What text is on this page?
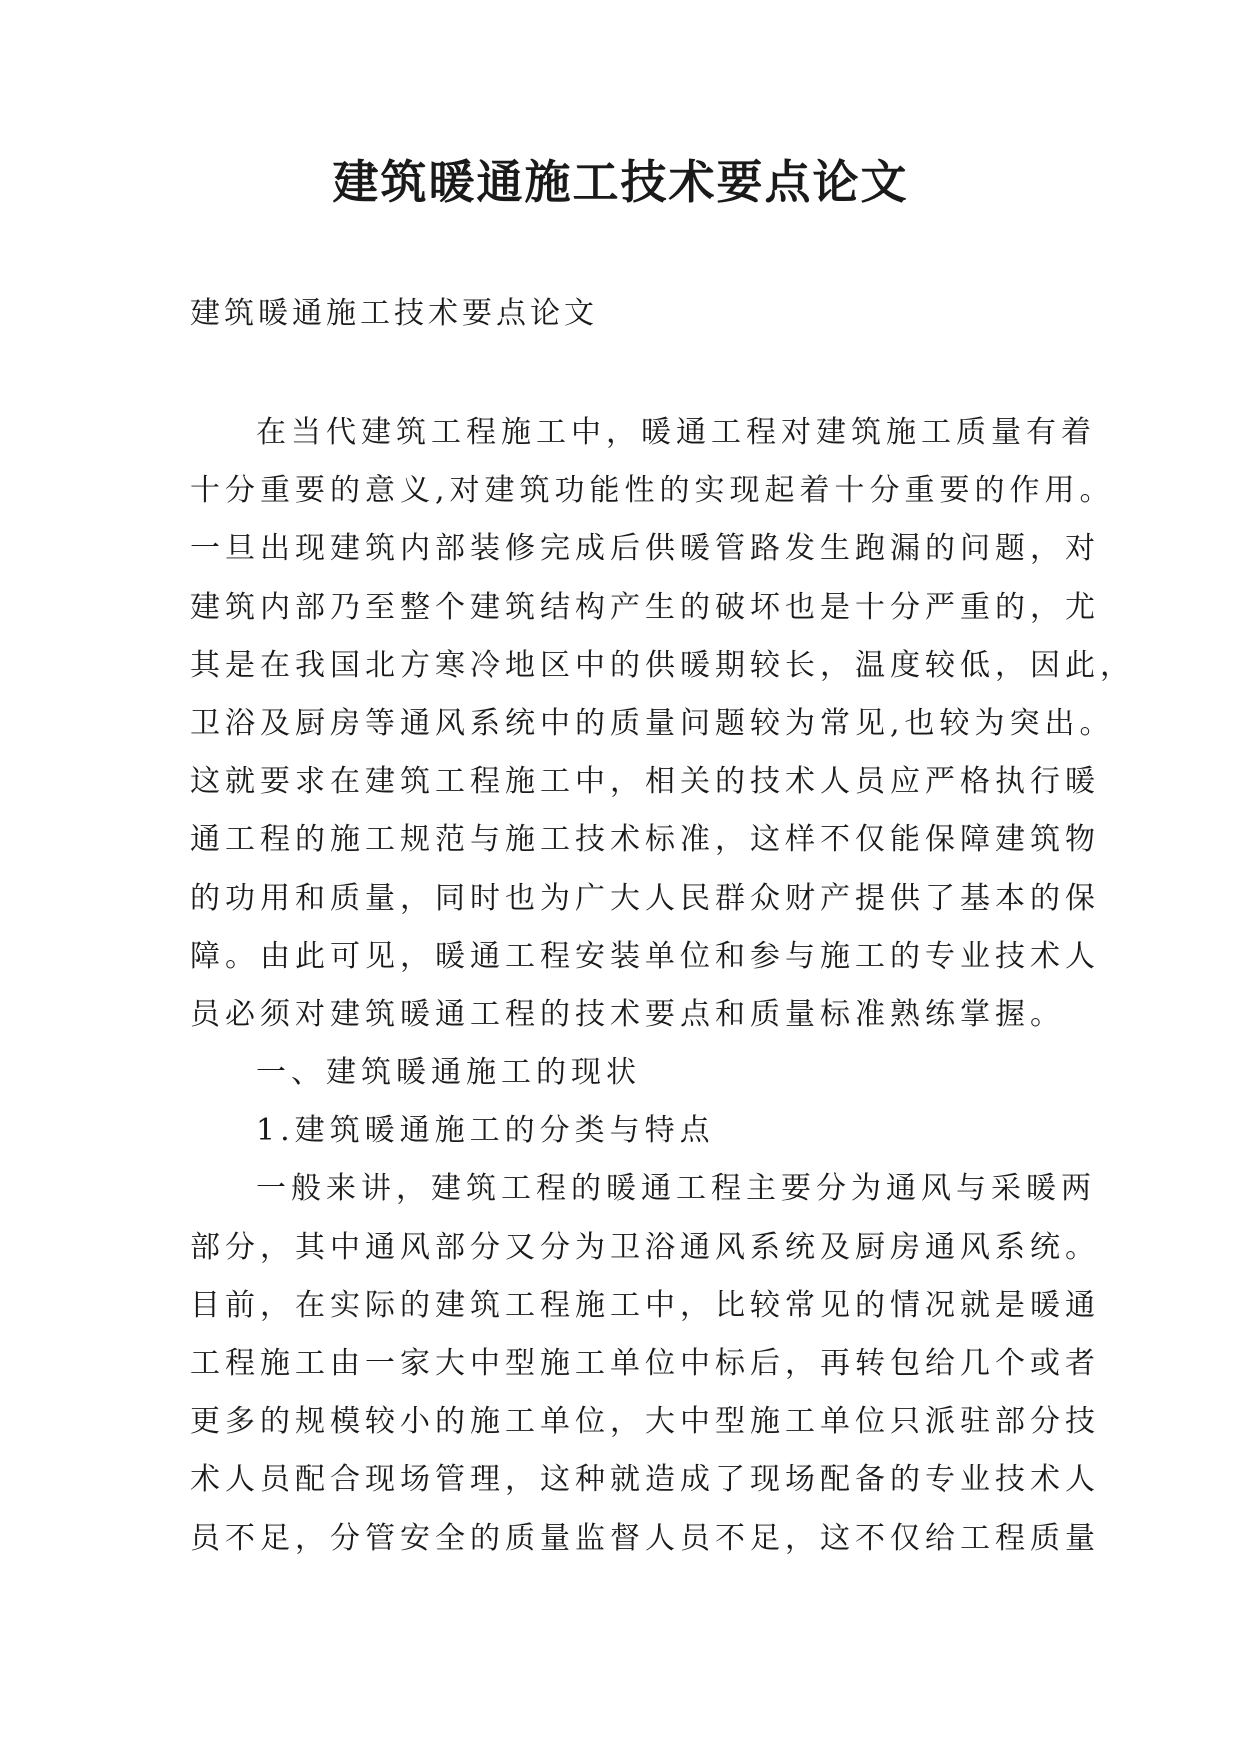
建筑暖通施工技术要点论文

建筑暖通施工技术要点论文

在当代建筑工程施工中，暖通工程对建筑施工质量有着

十分重要的意义,对建筑功能性的实现起着十分重要的作用。

一旦出现建筑内部装修完成后供暖管路发生跑漏的问题，对

建筑内部乃至整个建筑结构产生的破坏也是十分严重的，尤

其是在我国北方寒冷地区中的供暖期较长，温度较低，因此，

卫浴及厨房等通风系统中的质量问题较为常见,也较为突出。

这就要求在建筑工程施工中，相关的技术人员应严格执行暖

通工程的施工规范与施工技术标准，这样不仅能保障建筑物

的功用和质量，同时也为广大人民群众财产提供了基本的保

障。由此可见，暖通工程安装单位和参与施工的专业技术人

员必须对建筑暖通工程的技术要点和质量标准熟练掌握。

一、建筑暖通施工的现状

1.建筑暖通施工的分类与特点

一般来讲，建筑工程的暖通工程主要分为通风与采暖两

部分，其中通风部分又分为卫浴通风系统及厨房通风系统。

目前，在实际的建筑工程施工中，比较常见的情况就是暖通

工程施工由一家大中型施工单位中标后，再转包给几个或者

更多的规模较小的施工单位，大中型施工单位只派驻部分技

术人员配合现场管理，这种就造成了现场配备的专业技术人

员不足，分管安全的质量监督人员不足，这不仅给工程质量
